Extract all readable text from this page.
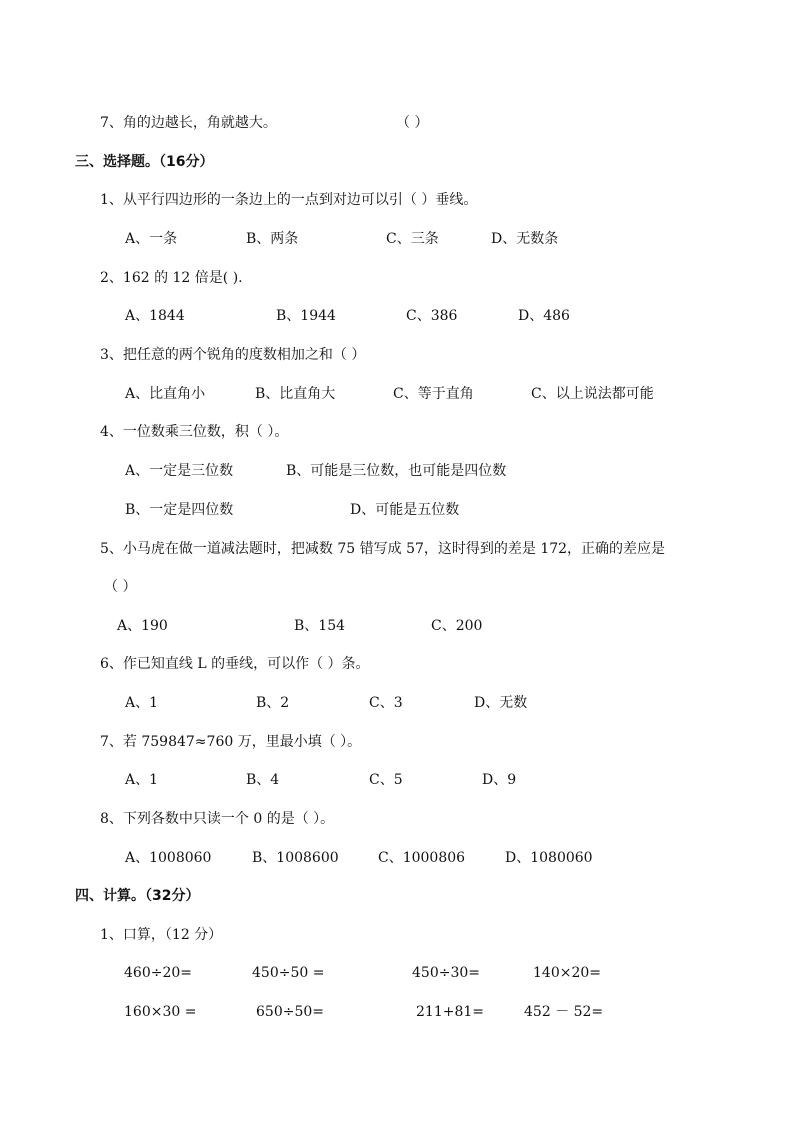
7、角的边越长，角就越大。	（ ）
三、选择题。（16分）
1、从平行四边形的一条边上的一点到对边可以引（ ）垂线。
A、一条	B、两条	C、三条	D、无数条
2、162 的 12 倍是( ).
A、1844	B、1944	C、386	D、486
3、把任意的两个锐角的度数相加之和（ ）
A、比直角小	B、比直角大	C、等于直角	C、以上说法都可能
4、一位数乘三位数，积（ ）。
A、一定是三位数	B、可能是三位数，也可能是四位数
B、一定是四位数	D、可能是五位数
5、小马虎在做一道减法题时，把减数 75 错写成 57，这时得到的差是 172，正确的差应是
（ ）
A、190	B、154	C、200
6、作已知直线 L 的垂线，可以作（ ）条。
A、1	B、2	C、3	D、无数
7、若 759847≈760 万，里最小填（ ）。
A、1	B、4	C、5	D、9
8、下列各数中只读一个 0 的是（ ）。
A、1008060	B、1008600	C、1000806	D、1080060
四、计算。（32分）
1、口算，（12 分）
460÷20=	450÷50 =	450÷30=	140×20=
160×30 =	650÷50=	211+81=	452 － 52=
